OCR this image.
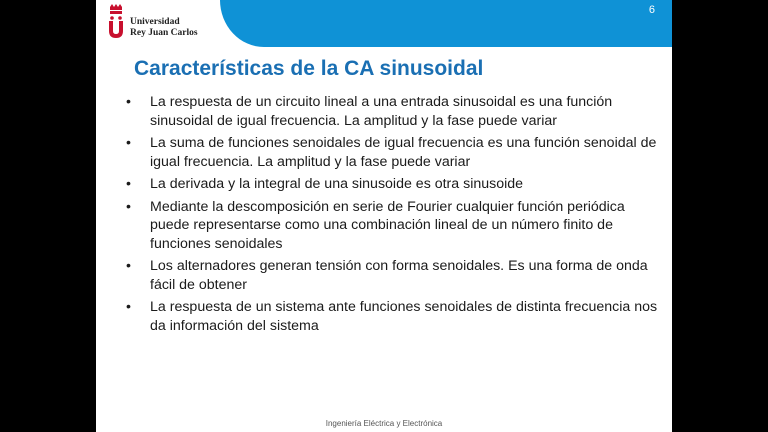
Universidad
Rey Juan Carlos
6
Características de la CA sinusoidal
• La respuesta de un circuito lineal a una entrada sinusoidal es una función sinusoidal de igual frecuencia. La amplitud y la fase puede variar
• La suma de funciones senoidales de igual frecuencia es una función senoidal de igual frecuencia. La amplitud y la fase puede variar
• La derivada y la integral de una sinusoide es otra sinusoide
• Mediante la descomposición en serie de Fourier cualquier función periódica puede representarse como una combinación lineal de un número finito de funciones senoidales
• Los alternadores generan tensión con forma senoidales. Es una forma de onda fácil de obtener
• La respuesta de un sistema ante funciones senoidales de distinta frecuencia nos da información del sistema
Ingeniería Eléctrica y Electrónica
